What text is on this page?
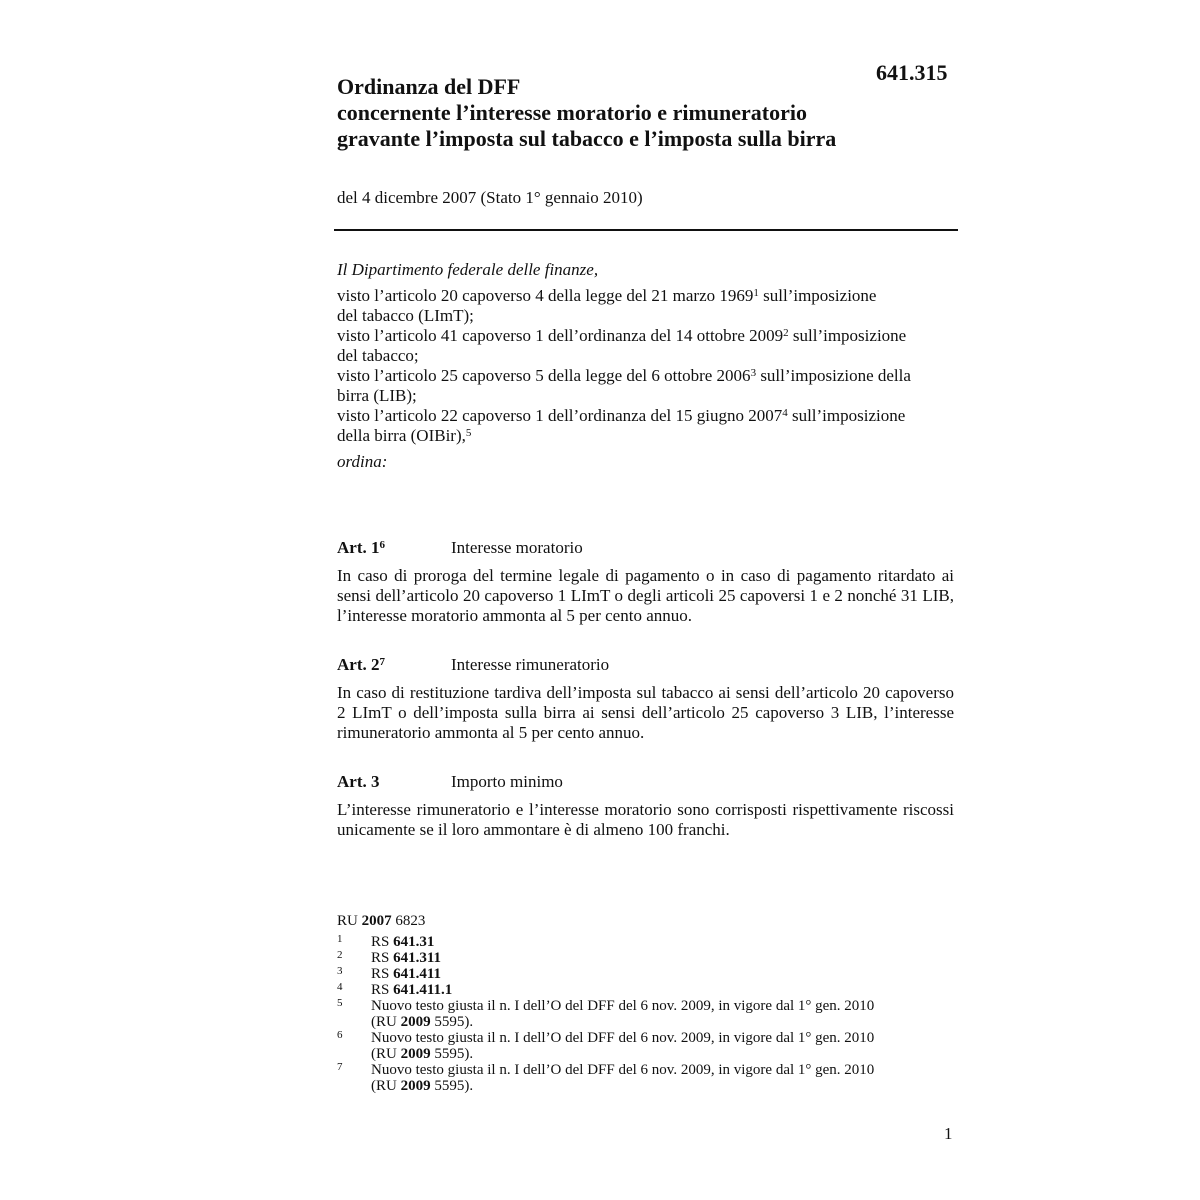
641.315
Ordinanza del DFF
concernente l’interesse moratorio e rimuneratorio
gravante l’imposta sul tabacco e l’imposta sulla birra
del 4 dicembre 2007 (Stato 1° gennaio 2010)
Il Dipartimento federale delle finanze,
visto l’articolo 20 capoverso 4 della legge del 21 marzo 1969$^1$ sull’imposizione
del tabacco (LImT);
visto l’articolo 41 capoverso 1 dell’ordinanza del 14 ottobre 2009$^2$ sull’imposizione
del tabacco;
visto l’articolo 25 capoverso 5 della legge del 6 ottobre 2006$^3$ sull’imposizione della
birra (LIB);
visto l’articolo 22 capoverso 1 dell’ordinanza del 15 giugno 2007$^4$ sull’imposizione
della birra (OIBir),$^5$
ordina:
Art. $1^6$	Interesse moratorio
In caso di proroga del termine legale di pagamento o in caso di pagamento ritardato ai sensi dell’articolo 20 capoverso 1 LImT o degli articoli 25 capoversi 1 e 2 nonché 31 LIB, l’interesse moratorio ammonta al 5 per cento annuo.
Art. $2^7$	Interesse rimuneratorio
In caso di restituzione tardiva dell’imposta sul tabacco ai sensi dell’articolo 20 capoverso 2 LImT o dell’imposta sulla birra ai sensi dell’articolo 25 capoverso 3 LIB, l’interesse rimuneratorio ammonta al 5 per cento annuo.
Art. 3	Importo minimo
L’interesse rimuneratorio e l’interesse moratorio sono corrisposti rispettivamente riscossi unicamente se il loro ammontare è di almeno 100 franchi.
RU 2007 6823
1 RS 641.31
2 RS 641.311
3 RS 641.411
4 RS 641.411.1
5 Nuovo testo giusta il n. I dell’O del DFF del 6 nov. 2009, in vigore dal 1° gen. 2010
(RU 2009 5595).
6 Nuovo testo giusta il n. I dell’O del DFF del 6 nov. 2009, in vigore dal 1° gen. 2010
(RU 2009 5595).
7 Nuovo testo giusta il n. I dell’O del DFF del 6 nov. 2009, in vigore dal 1° gen. 2010
(RU 2009 5595).
1
